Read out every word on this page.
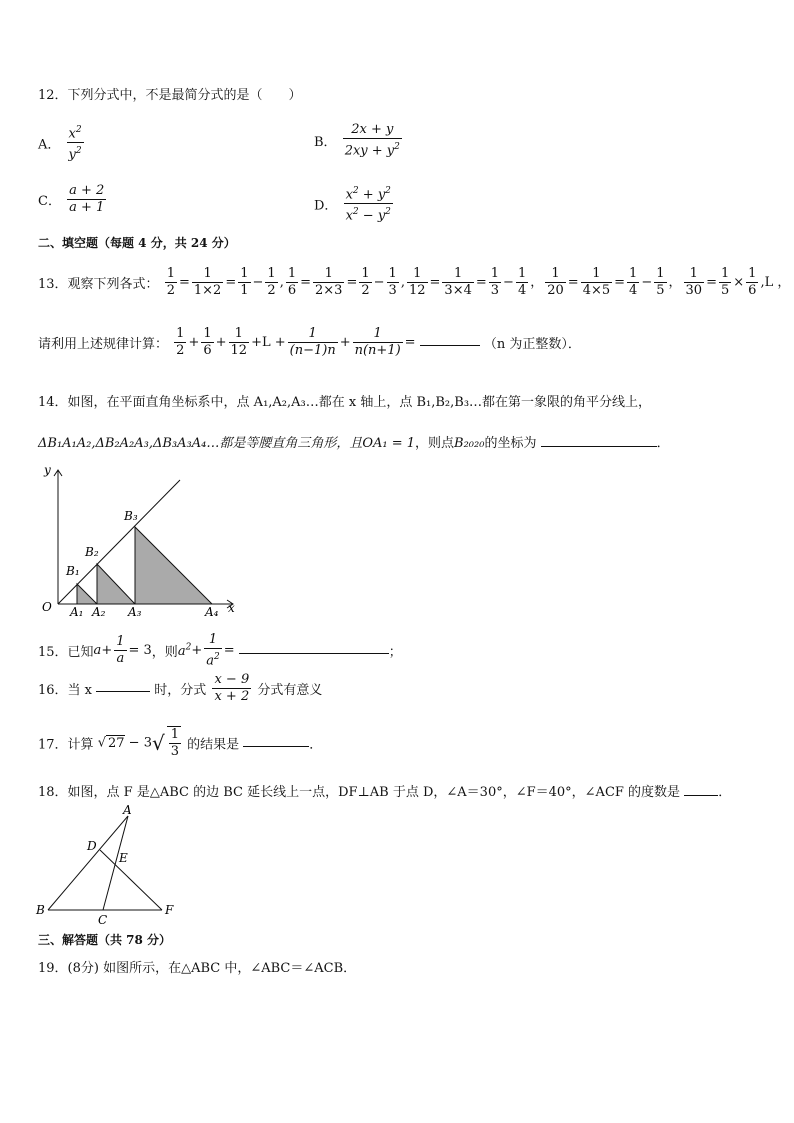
12．下列分式中，不是最简分式的是（　　）
A． $\frac{x^2}{y^2}$	B． $\frac{2x + y}{2xy + y^2}$
C． $\frac{a + 2}{a + 1}$	D． $\frac{x^2 + y^2}{x^2 - y^2}$
二、填空题（每题 4 分，共 24 分）
13．观察下列各式： $\frac{1}{2} = \frac{1}{1\times 2} = \frac{1}{1} - \frac{1}{2}$ , $\frac{1}{6} = \frac{1}{2\times 3} = \frac{1}{2} - \frac{1}{3}$ , $\frac{1}{12} = \frac{1}{3\times 4} = \frac{1}{3} - \frac{1}{4}$ ， $\frac{1}{20} = \frac{1}{4\times 5} = \frac{1}{4} - \frac{1}{5}$ ， $\frac{1}{30} = \frac{1}{5} \times \frac{1}{6} ,L$ ，
请利用上述规律计算： $\frac{1}{2} + \frac{1}{6} + \frac{1}{12} +L + \frac{1}{(n-1)n} + \frac{1}{n(n+1)}$ =	（n 为正整数）．
14．如图，在平面直角坐标系中，点 A₁,A₂,A₃…都在 x 轴上，点 B₁,B₂,B₃…都在第一象限的角平分线上，
ΔB₁A₁A₂,ΔB₂A₂A₃,ΔB₃A₃A₄…都是等腰直角三角形，且OA₁ = 1，则点B₂₀₂₀的坐标为	．
y
x
O A₁ A₂ A₃	A₄
B₁
B₂
B₃
15．已知$a+ \frac{1}{a} = 3$，则$a^2+ \frac{1}{a^2}$ =	；
16．当 x	时，分式 $\frac{x - 9}{x + 2}$ 分式有意义
17．计算 √ $27 - 3√ \frac{1}{3}$ 的结果是	．
18．如图，点 F 是△ABC 的边 BC 延长线上一点，DF⊥AB 于点 D，∠A＝30°，∠F＝40°，∠ACF 的度数是	．
A
B
C
D
E
F
三、解答题（共 78 分）
19．(8分) 如图所示，在△ABC 中，∠ABC＝∠ACB．
